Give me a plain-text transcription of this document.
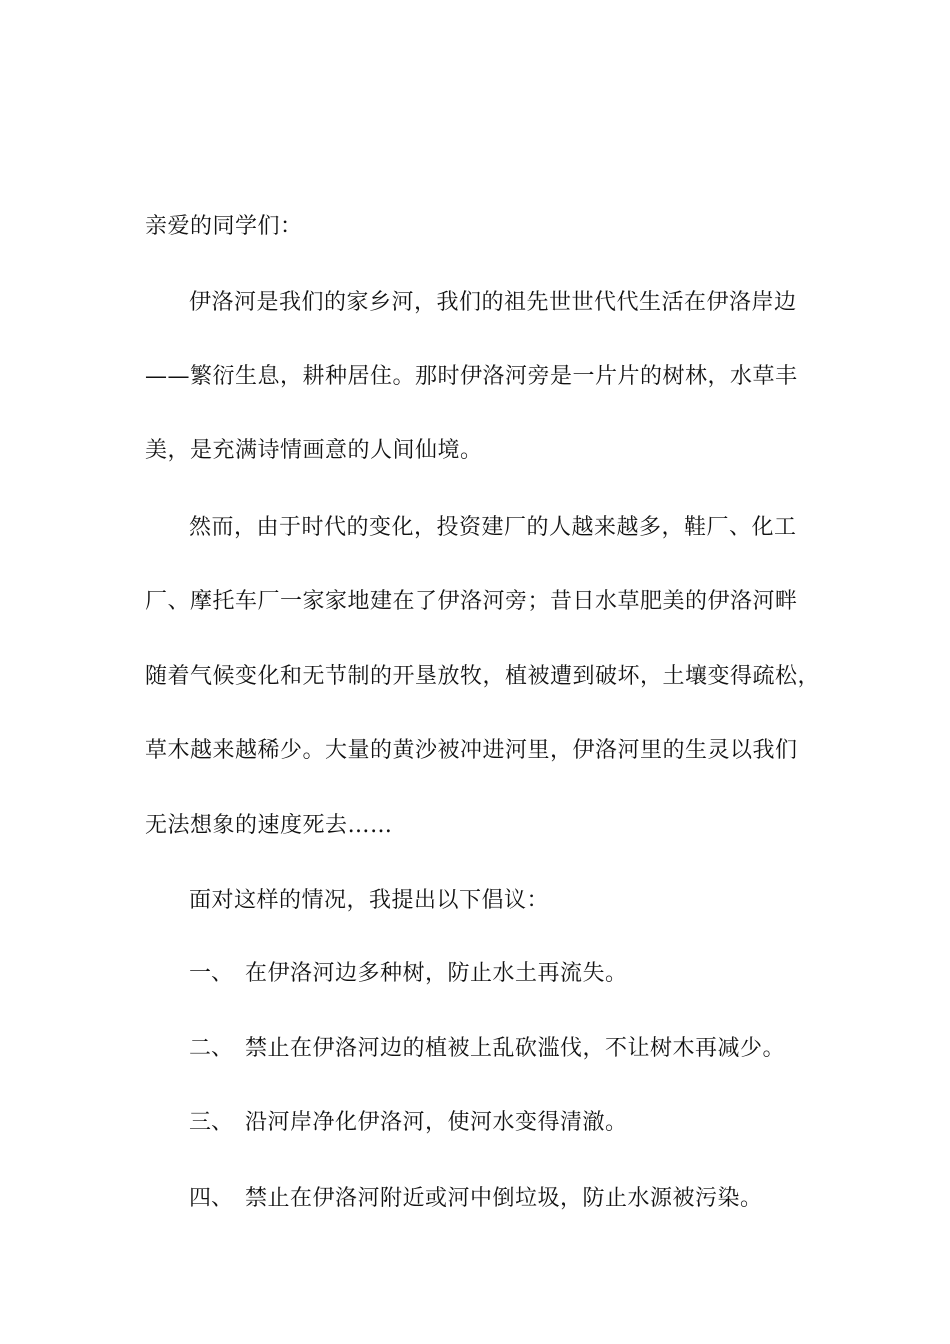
亲爱的同学们：
伊洛河是我们的家乡河，我们的祖先世世代代生活在伊洛岸边
——繁衍生息，耕种居住。那时伊洛河旁是一片片的树林，水草丰
美，是充满诗情画意的人间仙境。
然而，由于时代的变化，投资建厂的人越来越多，鞋厂、化工
厂、摩托车厂一家家地建在了伊洛河旁；昔日水草肥美的伊洛河畔
随着气候变化和无节制的开垦放牧，植被遭到破坏，土壤变得疏松，
草木越来越稀少。大量的黄沙被冲进河里，伊洛河里的生灵以我们
无法想象的速度死去……
面对这样的情况，我提出以下倡议：
一、 在伊洛河边多种树，防止水土再流失。
二、 禁止在伊洛河边的植被上乱砍滥伐，不让树木再减少。
三、 沿河岸净化伊洛河，使河水变得清澈。
四、 禁止在伊洛河附近或河中倒垃圾，防止水源被污染。
